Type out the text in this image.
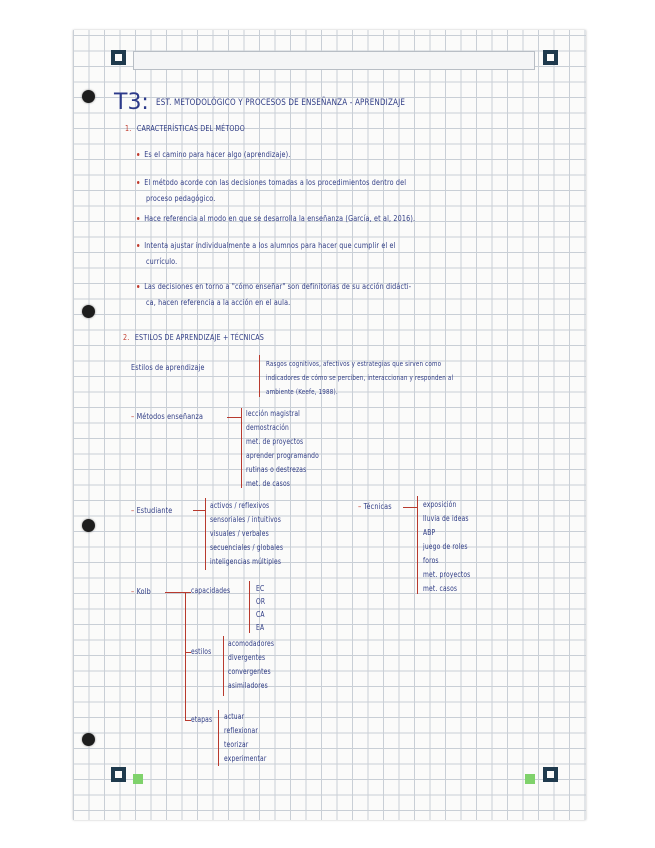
T3: EST. METODOLÓGICO Y PROCESOS DE ENSEÑANZA - APRENDIZAJE
1. CARACTERÍSTICAS DEL MÉTODO
Es el camino para hacer algo (aprendizaje).
El método acorde con las decisiones tomadas a los procedimientos dentro del
proceso pedagógico.
Hace referencia al modo en que se desarrolla la enseñanza (García, et al, 2016).
Intenta ajustar individualmente a los alumnos para hacer que cumplir el el
currículo.
Las decisiones en torno a "cómo enseñar" son definitorias de su acción didácti-
ca, hacen referencia a la acción en el aula.
2. ESTILOS DE APRENDIZAJE + TÉCNICAS
Estilos de aprendizaje	Rasgos cognitivos, afectivos y estrategias que sirven como
indicadores de cómo se perciben, interaccionan y responden al
ambiente (Keefe, 1988).
– Métodos enseñanza	lección magistral
demostración
met. de proyectos
aprender programando
rutinas o destrezas
met. de casos
– Estudiante
activos / reflexivos
sensoriales / intuitivos
visuales / verbales
secuenciales / globales
inteligencias múltiples
– Técnicas	exposición
lluvia de ideas
ABP
juego de roles
foros
met. proyectos
met. casos
– Kolb	capacidades	EC
OR
CA
EA
estilos
acomodadores
divergentes
convergentes
asimiladores
etapas actuar
reflexionar
teorizar
experimentar
